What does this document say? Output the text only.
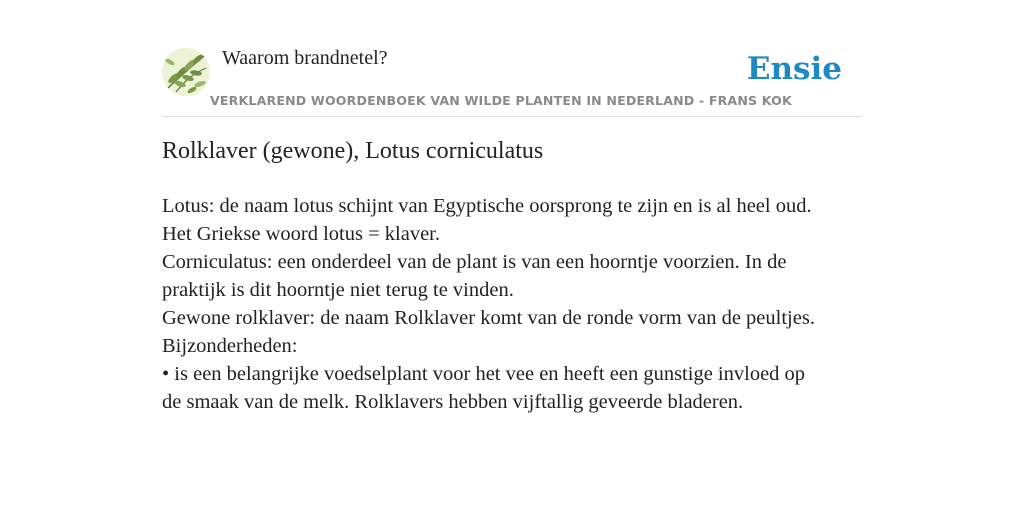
Waarom brandnetel?
VERKLAREND WOORDENBOEK VAN WILDE PLANTEN IN NEDERLAND - FRANS KOK
Ensie
Rolklaver (gewone), Lotus corniculatus
Lotus: de naam lotus schijnt van Egyptische oorsprong te zijn en is al heel oud.
Het Griekse woord lotus = klaver.
Corniculatus: een onderdeel van de plant is van een hoorntje voorzien. In de
praktijk is dit hoorntje niet terug te vinden.
Gewone rolklaver: de naam Rolklaver komt van de ronde vorm van de peultjes.
Bijzonderheden:
• is een belangrijke voedselplant voor het vee en heeft een gunstige invloed op
de smaak van de melk. Rolklavers hebben vijftallig geveerde bladeren.
